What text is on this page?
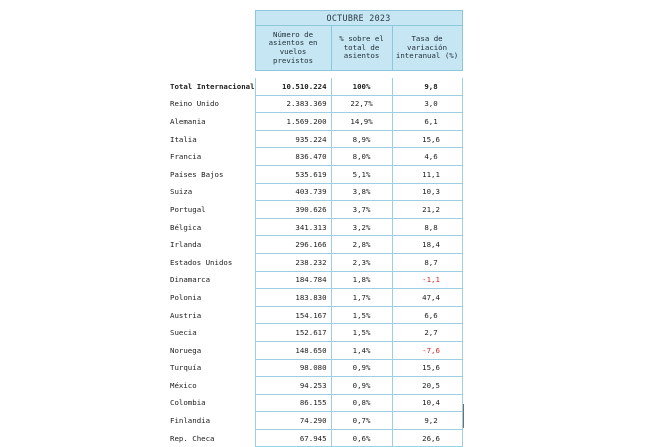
	OCTUBRE 2023		
	Número de asientos en vuelos previstos	% sobre el total de asientos	Tasa de variación interanual (%)

Total Internacional	10.510.224	100%	9,8
Reino Unido	2.383.369	22,7%	3,0
Alemania	1.569.200	14,9%	6,1
Italia	935.224	8,9%	15,6
Francia	836.470	8,0%	4,6
Países Bajos	535.619	5,1%	11,1
Suiza	403.739	3,8%	10,3
Portugal	390.626	3,7%	21,2
Bélgica	341.313	3,2%	8,8
Irlanda	296.166	2,8%	18,4
Estados Unidos	238.232	2,3%	8,7
Dinamarca	184.784	1,8%	-1,1
Polonia	183.830	1,7%	47,4
Austria	154.167	1,5%	6,6
Suecia	152.617	1,5%	2,7
Noruega	148.650	1,4%	-7,6
Turquía	98.080	0,9%	15,6
México	94.253	0,9%	20,5
Colombia	86.155	0,8%	10,4
Finlandia	74.290	0,7%	9,2
Rep. Checa	67.945	0,6%	26,6
